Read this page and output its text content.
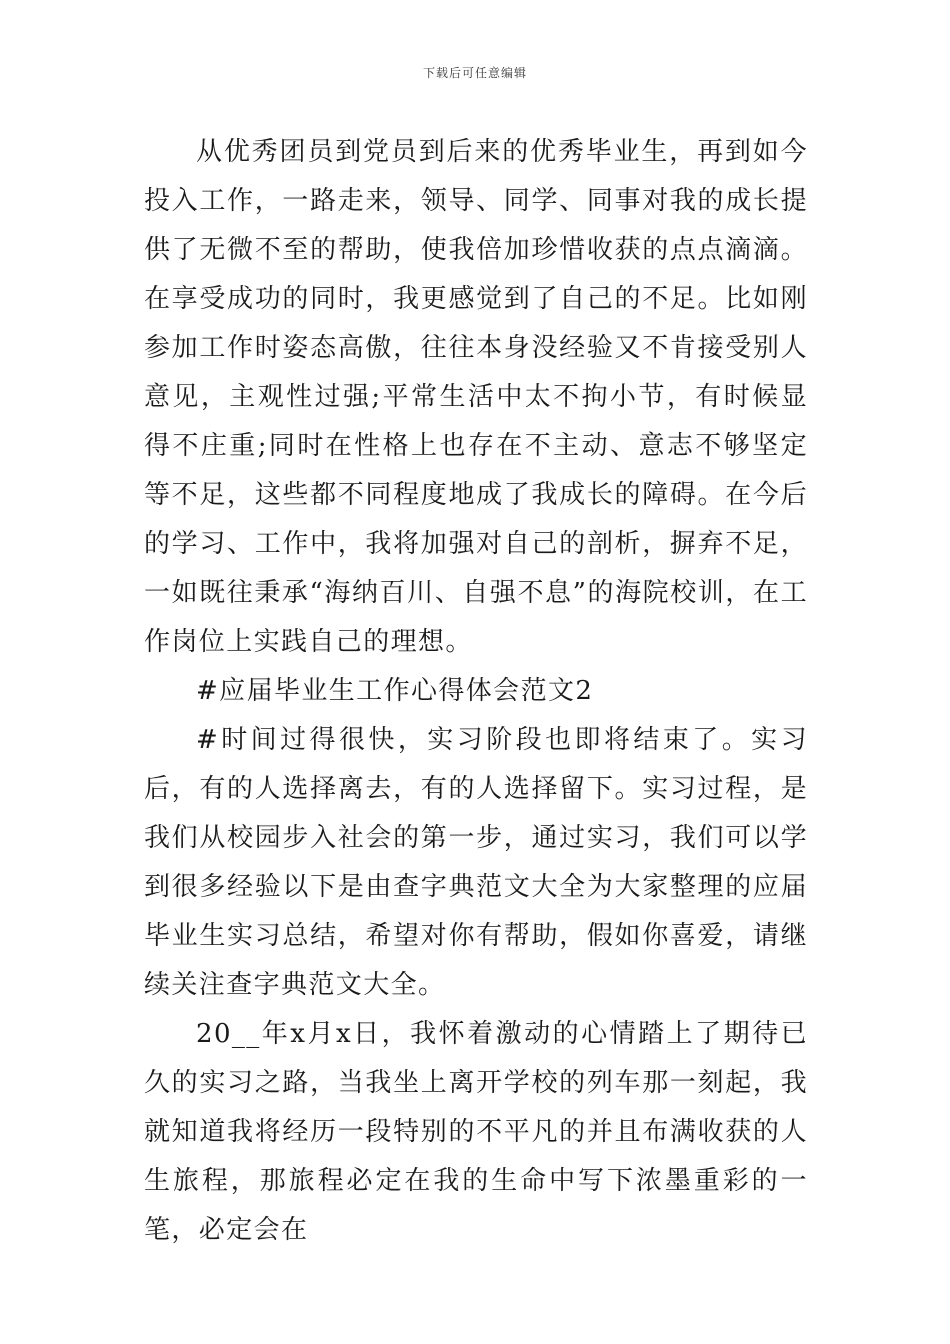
下载后可任意编辑

从优秀团员到党员到后来的优秀毕业生，再到如今投入工作，一路走来，领导、同学、同事对我的成长提供了无微不至的帮助，使我倍加珍惜收获的点点滴滴。在享受成功的同时，我更感觉到了自己的不足。比如刚参加工作时姿态高傲，往往本身没经验又不肯接受别人意见，主观性过强;平常生活中太不拘小节，有时候显得不庄重;同时在性格上也存在不主动、意志不够坚定等不足，这些都不同程度地成了我成长的障碍。在今后的学习、工作中，我将加强对自己的剖析，摒弃不足，一如既往秉承“海纳百川、自强不息”的海院校训，在工作岗位上实践自己的理想。

#应届毕业生工作心得体会范文2

#时间过得很快，实习阶段也即将结束了。实习后，有的人选择离去，有的人选择留下。实习过程，是我们从校园步入社会的第一步，通过实习，我们可以学到很多经验以下是由查字典范文大全为大家整理的应届毕业生实习总结，希望对你有帮助，假如你喜爱，请继续关注查字典范文大全。

20__年x月x日，我怀着激动的心情踏上了期待已久的实习之路，当我坐上离开学校的列车那一刻起，我就知道我将经历一段特别的不平凡的并且布满收获的人生旅程，那旅程必定在我的生命中写下浓墨重彩的一笔，必定会在
